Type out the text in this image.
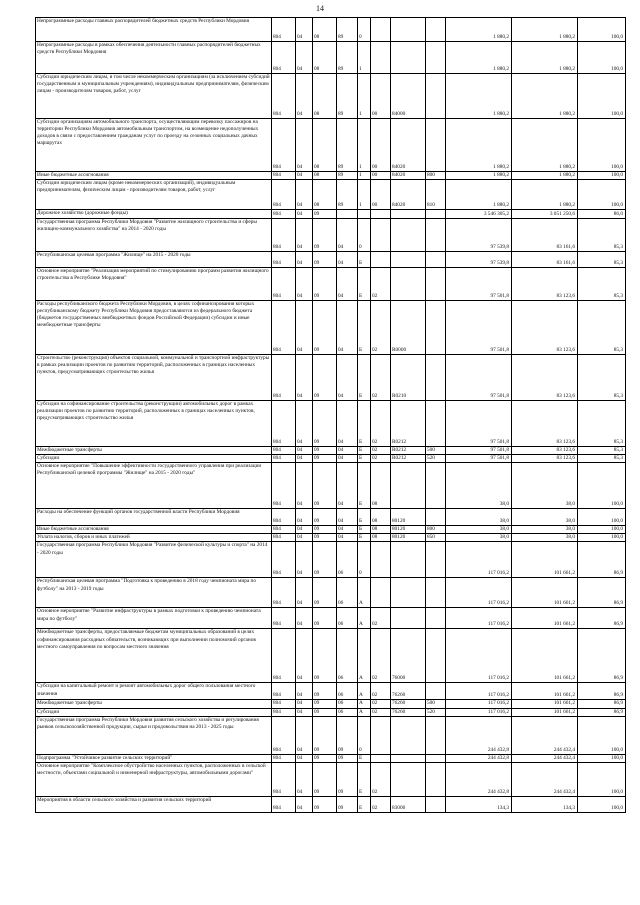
14
Непрограммные расходы главных распорядителей бюджетных средств Республики Мордовия	804	04	08	89	0				1 880,2	1 880,2	100,0
Непрограммные расходы в рамках обеспечения деятельности главных распорядителей бюджетных средств Республики Мордовия	804	04	08	89	1				1 880,2	1 880,2	100,0
Субсидии юридическим лицам, в том числе некоммерческим организациям (за исключением субсидий государственным и муниципальным учреждениям), индивидуальным предпринимателям, физическим лицам - производителям товаров, работ, услуг	804	04	08	89	1	00	84000		1 880,2	1 880,2	100,0
Субсидии организациям автомобильного транспорта, осуществляющим перевозку пассажиров на территории Республики Мордовия автомобильным транспортом, на возмещение недополученных доходов в связи с предоставлением гражданам услуг по проезду на сезонных социальных дачных маршрутах	804	04	08	89	1	00	84020		1 880,2	1 880,2	100,0
Иные бюджетные ассигнования	804	04	08	89	1	00	84020	800	1 880,2	1 880,2	100,0
Субсидии юридическим лицам (кроме некоммерческих организаций), индивидуальным предпринимателям, физическим лицам - производителям товаров, работ, услуг	804	04	08	89	1	00	84020	810	1 880,2	1 880,2	100,0
Дорожное хозяйство (дорожные фонды)	804	04	09						3 546 305,2	3 051 250,6	86,0
Государственная программа Республики Мордовия "Развитие жилищного строительства и сферы жилищно-коммунального хозяйства" на 2014 - 2020 годы	804	04	09	04	0				97 539,8	83 161,6	85,3
Республиканская целевая программа "Жилище" на 2015 - 2020 годы	804	04	09	04	Б				97 539,8	83 161,6	85,3
Основное мероприятие "Реализация мероприятий по стимулированию программ развития жилищного строительства в Республике Мордовия"	804	04	09	04	Б	02			97 501,8	83 123,6	85,3
Расходы республиканского бюджета Республики Мордовия, в целях софинансирования которых республиканскому бюджету Республики Мордовия предоставляются из федерального бюджета (бюджетов государственных внебюджетных фондов Российской Федерации) субсидии и иные межбюджетные трансферты	804	04	09	04	Б	02	R0000		97 501,8	83 123,6	85,3
Строительство (реконструкция) объектов социальной, коммунальной и транспортной инфраструктуры в рамках реализации проектов по развитию территорий, расположенных в границах населенных пунктов, предусматривающих строительство жилья	804	04	09	04	Б	02	R0210		97 501,8	83 123,6	85,3
Субсидии на софинансирование строительства (реконструкции) автомобильных дорог в рамках реализации проектов по развитию территорий, расположенных в границах населенных пунктов, предусматривающих строительство жилья	804	04	09	04	Б	02	R0212		97 501,8	83 123,6	85,3
Межбюджетные трансферты	804	04	09	04	Б	02	R0212	500	97 501,8	83 123,6	85,3
Субсидии	804	04	09	04	Б	02	R0212	520	97 501,8	83 123,6	85,3
Основное мероприятие "Повышение эффективности государственного управления при реализации Республиканской целевой программы "Жилище" на 2015 - 2020 годы"	804	04	09	04	Б	08			38,0	38,0	100,0
Расходы на обеспечение функций органов государственной власти Республики Мордовия	804	04	09	04	Б	08	80120		38,0	38,0	100,0
Иные бюджетные ассигнования	804	04	09	04	Б	08	80120	800	38,0	38,0	100,0
Уплата налогов, сборов и иных платежей	804	04	09	04	Б	08	80120	850	38,0	38,0	100,0
Государственная программа Республики Мордовия "Развитие физической культуры и спорта" на 2014 - 2020 годы	804	04	09	06	0				117 016,2	101 661,2	86,9
Республиканская целевая программа "Подготовка к проведению в 2018 году чемпионата мира по футболу" на 2013 - 2019 годы	804	04	09	06	А				117 016,2	101 661,2	86,9
Основное мероприятие "Развитие инфраструктуры в рамках подготовки к проведению чемпионата мира по футболу"	804	04	09	06	А	02			117 016,2	101 661,2	86,9
Межбюджетные трансферты, предоставляемые бюджетам муниципальных образований в целях софинансирования расходных обязательств, возникающих при выполнении полномочий органов местного самоуправления по вопросам местного значения	804	04	09	06	А	02	76000		117 016,2	101 661,2	86,9
Субсидии на капитальный ремонт и ремонт автомобильных дорог общего пользования местного значения	804	04	09	06	А	02	76260		117 016,2	101 661,2	86,9
Межбюджетные трансферты	804	04	09	06	А	02	76260	500	117 016,2	101 661,2	86,9
Субсидии	804	04	09	06	А	02	76260	520	117 016,2	101 661,2	86,9
Государственная программа Республики Мордовия развития сельского хозяйства и регулирования рынков сельскохозяйственной продукции, сырья и продовольствия на 2013 - 2025 годы	804	04	09	09	0				244 432,8	244 432,4	100,0
Подпрограмма "Устойчивое развитие сельских территорий"	804	04	09	09	Е				244 432,8	244 432,4	100,0
Основное мероприятие "Комплексное обустройство населенных пунктов, расположенных в сельской местности, объектами социальной и инженерной инфраструктуры, автомобильными дорогами"	804	04	09	09	Е	02			244 432,8	244 432,4	100,0
Мероприятия в области сельского хозяйства и развития сельских территорий	804	04	09	09	Е	02	83000		134,3	134,3	100,0
